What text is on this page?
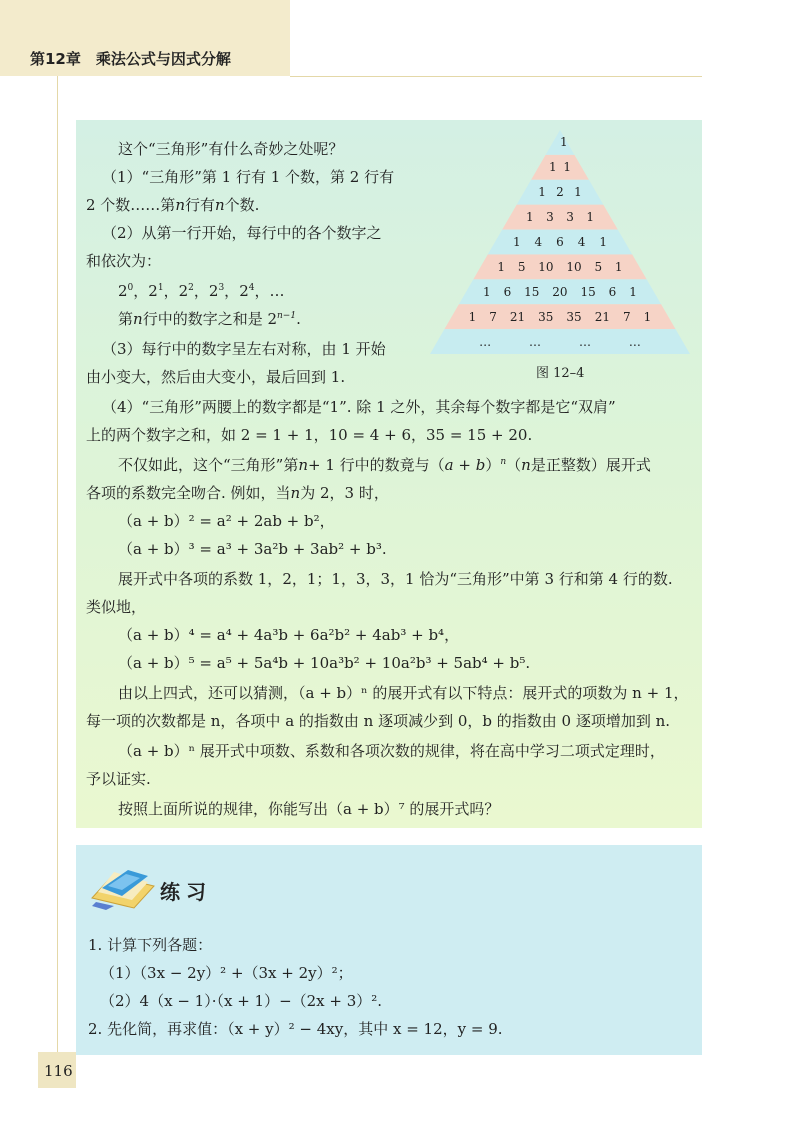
第12章　乘法公式与因式分解
这个“三角形”有什么奇妙之处呢？
（1）“三角形”第 1 行有 1 个数，第 2 行有
2 个数……第n行有n个数.
（2）从第一行开始，每行中的各个数字之
和依次为：
$2^0$，$2^1$，$2^2$，$2^3$，$2^4$，…
第n行中的数字之和是 $2^{n-1}$.
（3）每行中的数字呈左右对称，由 1 开始
由小变大，然后由大变小，最后回到 1.
（4）“三角形”两腰上的数字都是“1”. 除 1 之外，其余每个数字都是它“双肩”
上的两个数字之和，如 2 = 1 + 1，10 = 4 + 6，35 = 15 + 20.
不仅如此，这个“三角形”第n+ 1 行中的数竟与$(a + b)^n(n$是正整数）展开式
各项的系数完全吻合. 例如，当n为 2，3 时，
（a + b）² = a² + 2ab + b²，
（a + b）³ = a³ + 3a²b + 3ab² + b³.
展开式中各项的系数 1，2，1；1，3，3，1 恰为“三角形”中第 3 行和第 4 行的数.
类似地，
（a + b）⁴ = a⁴ + 4a³b + 6a²b² + 4ab³ + b⁴，
（a + b）⁵ = a⁵ + 5a⁴b + 10a³b² + 10a²b³ + 5ab⁴ + b⁵.
由以上四式，还可以猜测，（a + b）ⁿ 的展开式有以下特点：展开式的项数为 n + 1，
每一项的次数都是 n，各项中 a 的指数由 n 逐项减少到 0，b 的指数由 0 逐项增加到 n.
（a + b）ⁿ 展开式中项数、系数和各项次数的规律，将在高中学习二项式定理时，
予以证实.
按照上面所说的规律，你能写出（a + b）⁷ 的展开式吗？
1
1 1
1 2 1
1 3 3 1
1 4 6 4 1
1 5 10 10 5 1
1 6 15 20 15 6 1
1 7 21 35 35 21 7 1
…	…	…	…
图 12–4
练习
1. 计算下列各题：
（1）（3x − 2y）² +（3x + 2y）²；
（2）4（x − 1）·（x + 1）−（2x + 3）².
2. 先化简，再求值：（x + y）² − 4xy，其中 x = 12，y = 9.
116
